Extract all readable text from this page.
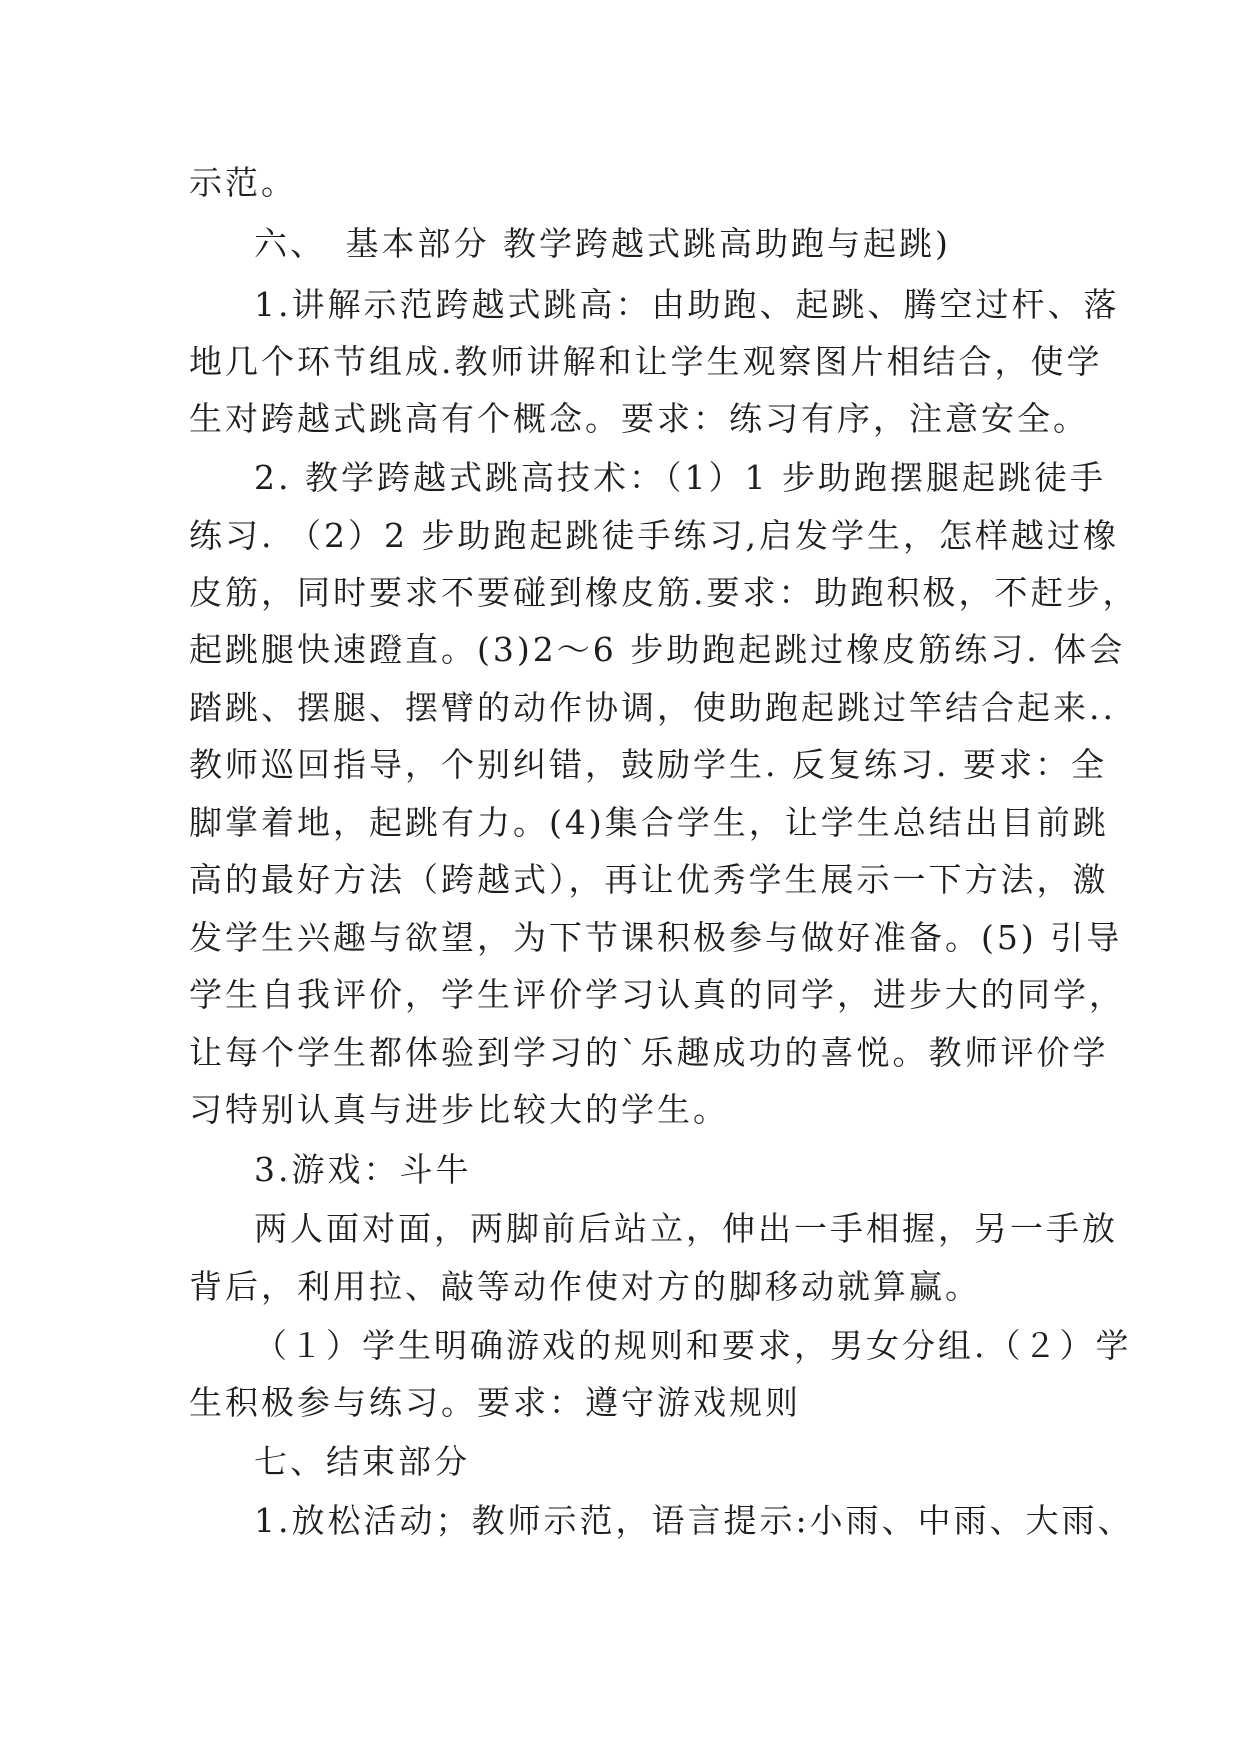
示范。
六、　基本部分 教学跨越式跳高助跑与起跳)
1.讲解示范跨越式跳高：由助跑、起跳、腾空过杆、落
地几个环节组成.教师讲解和让学生观察图片相结合，使学
生对跨越式跳高有个概念。要求：练习有序，注意安全。
2. 教学跨越式跳高技术：（1）1 步助跑摆腿起跳徒手
练习. （2）2 步助跑起跳徒手练习,启发学生，怎样越过橡
皮筋，同时要求不要碰到橡皮筋.要求：助跑积极，不赶步，
起跳腿快速蹬直。(3)2～6 步助跑起跳过橡皮筋练习. 体会
踏跳、摆腿、摆臂的动作协调，使助跑起跳过竿结合起来..
教师巡回指导，个别纠错，鼓励学生. 反复练习. 要求：全
脚掌着地，起跳有力。(4)集合学生，让学生总结出目前跳
高的最好方法（跨越式），再让优秀学生展示一下方法，激
发学生兴趣与欲望，为下节课积极参与做好准备。(5) 引导
学生自我评价，学生评价学习认真的同学，进步大的同学，
让每个学生都体验到学习的`乐趣成功的喜悦。教师评价学
习特别认真与进步比较大的学生。
3.游戏：斗牛
两人面对面，两脚前后站立，伸出一手相握，另一手放
背后，利用拉、敲等动作使对方的脚移动就算赢。
（１）学生明确游戏的规则和要求，男女分组.（２）学
生积极参与练习。要求：遵守游戏规则
七、结束部分
1.放松活动；教师示范，语言提示:小雨、中雨、大雨、
